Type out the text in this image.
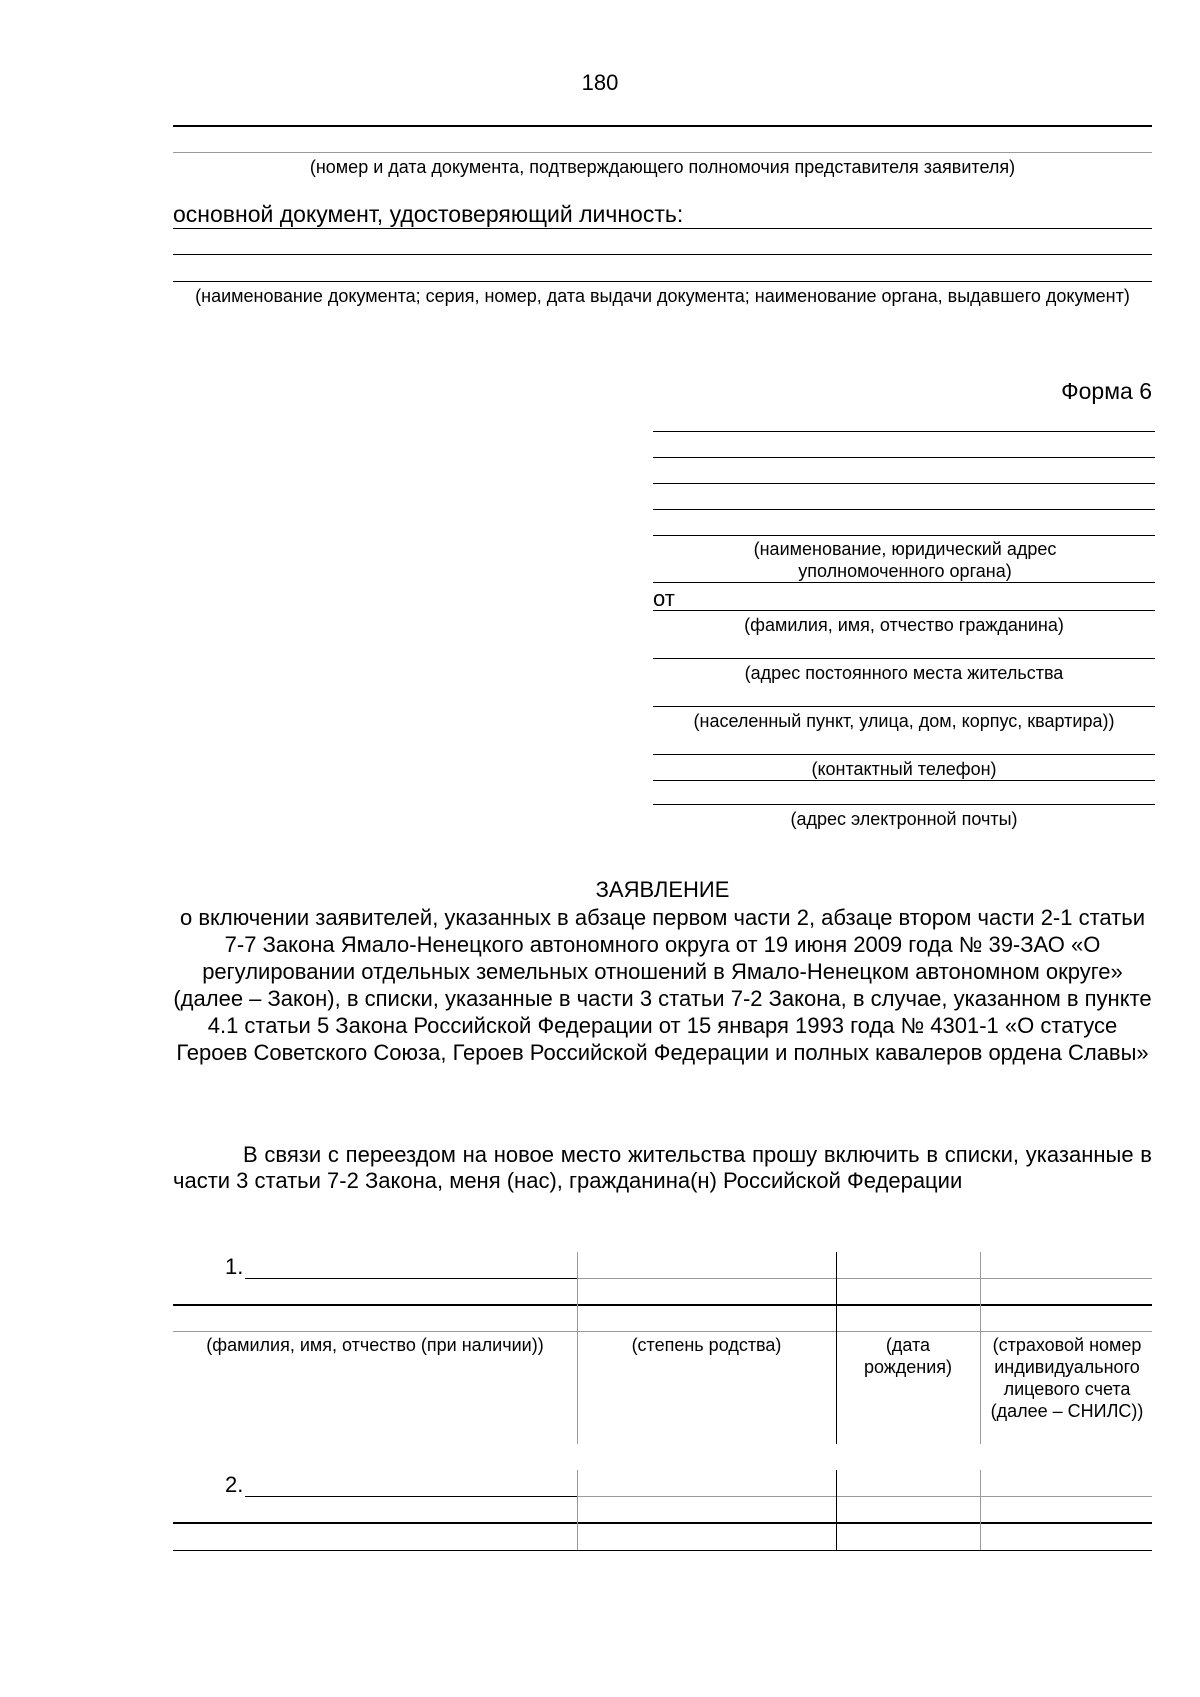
180
(номер и дата документа, подтверждающего полномочия представителя заявителя)
основной документ, удостоверяющий личность:
(наименование документа; серия, номер, дата выдачи документа; наименование органа, выдавшего документ)
Форма 6
(наименование, юридический адрес уполномоченного органа)
от
(фамилия, имя, отчество гражданина)
(адрес постоянного места жительства
(населенный пункт, улица, дом, корпус, квартира))
(контактный телефон)
(адрес электронной почты)
ЗАЯВЛЕНИЕ
о включении заявителей, указанных в абзаце первом части 2, абзаце втором части 2-1 статьи 7-7 Закона Ямало-Ненецкого автономного округа от 19 июня 2009 года № 39-ЗАО «О регулировании отдельных земельных отношений в Ямало-Ненецком автономном округе» (далее – Закон), в списки, указанные в части 3 статьи 7-2 Закона, в случае, указанном в пункте 4.1 статьи 5 Закона Российской Федерации от 15 января 1993 года № 4301-1 «О статусе Героев Советского Союза, Героев Российской Федерации и полных кавалеров ордена Славы»
В связи с переездом на новое место жительства прошу включить в списки, указанные в части 3 статьи 7-2 Закона, меня (нас), гражданина(н) Российской Федерации
1.
(фамилия, имя, отчество (при наличии))	(степень родства)	(дата рождения)
(страховой номер индивидуального лицевого счета (далее – СНИЛС))
2.
